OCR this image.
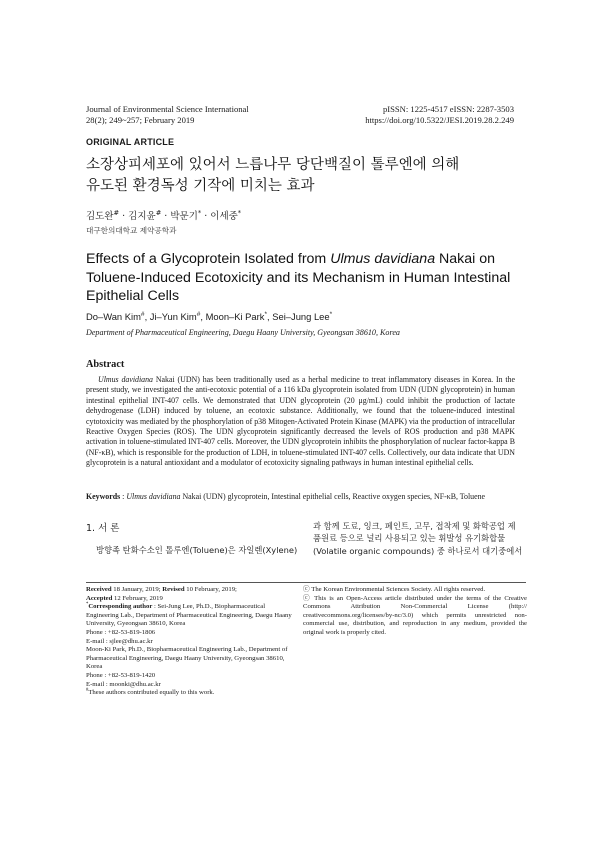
Journal of Environmental Science International
28(2); 249~257; February 2019
pISSN: 1225-4517 eISSN: 2287-3503
https://doi.org/10.5322/JESI.2019.28.2.249
ORIGINAL ARTICLE
소장상피세포에 있어서 느릅나무 당단백질이 톨루엔에 의해
유도된 환경독성 기작에 미치는 효과
김도완# · 김지윤# · 박문기* · 이세중*
대구한의대학교 제약공학과
Effects of a Glycoprotein Isolated from Ulmus davidiana Nakai on Toluene-Induced Ecotoxicity and its Mechanism in Human Intestinal Epithelial Cells
Do–Wan Kim#, Ji–Yun Kim#, Moon–Ki Park*, Sei–Jung Lee*
Department of Pharmaceutical Engineering, Daegu Haany University, Gyeongsan 38610, Korea
Abstract
Ulmus davidiana Nakai (UDN) has been traditionally used as a herbal medicine to treat inflammatory diseases in Korea. In the present study, we investigated the anti-ecotoxic potential of a 116 kDa glycoprotein isolated from UDN (UDN glycoprotein) in human intestinal epithelial INT-407 cells. We demonstrated that UDN glycoprotein (20 μg/mL) could inhibit the production of lactate dehydrogenase (LDH) induced by toluene, an ecotoxic substance. Additionally, we found that the toluene-induced intestinal cytotoxicity was mediated by the phosphorylation of p38 Mitogen-Activated Protein Kinase (MAPK) via the production of intracellular Reactive Oxygen Species (ROS). The UDN glycoprotein significantly decreased the levels of ROS production and p38 MAPK activation in toluene-stimulated INT-407 cells. Moreover, the UDN glycoprotein inhibits the phosphorylation of nuclear factor-kappa B (NF-κB), which is responsible for the production of LDH, in toluene-stimulated INT-407 cells. Collectively, our data indicate that UDN glycoprotein is a natural antioxidant and a modulator of ecotoxicity signaling pathways in human intestinal epithelial cells.
Keywords : Ulmus davidiana Nakai (UDN) glycoprotein, Intestinal epithelial cells, Reactive oxygen species, NF-κB, Toluene
1. 서 론
방향족 탄화수소인 톨루엔(Toluene)은 자일렌(Xylene)
과 함께 도료, 잉크, 페인트, 고무, 접착제 및 화학공업 제
품원료 등으로 널리 사용되고 있는 휘발성 유기화합물
(Volatile organic compounds) 중 하나로서 대기중에서
Received 18 January, 2019; Revised 10 February, 2019;
Accepted 12 February, 2019
*Corresponding author : Sei-Jung Lee, Ph.D., Biopharmaceutical Engineering Lab., Department of Pharmaceutical Engineering, Daegu Haany University, Gyeongsan 38610, Korea
Phone : +82-53-819-1806
E-mail : sjlee@dhu.ac.kr
Moon-Ki Park, Ph.D., Biopharmaceutical Engineering Lab., Department of Pharmaceutical Engineering, Daegu Haany University, Gyeongsan 38610, Korea
Phone : +82-53-819-1420
E-mail : moonki@dhu.ac.kr
#These authors contributed equally to this work.
ⓒ The Korean Environmental Sciences Society. All rights reserved.
ⓒ This is an Open-Access article distributed under the terms of the Creative Commons Attribution Non-Commercial License (http:// creativecommons.org/licenses/by-nc/3.0) which permits unrestricted non-commercial use, distribution, and reproduction in any medium, provided the original work is properly cited.
